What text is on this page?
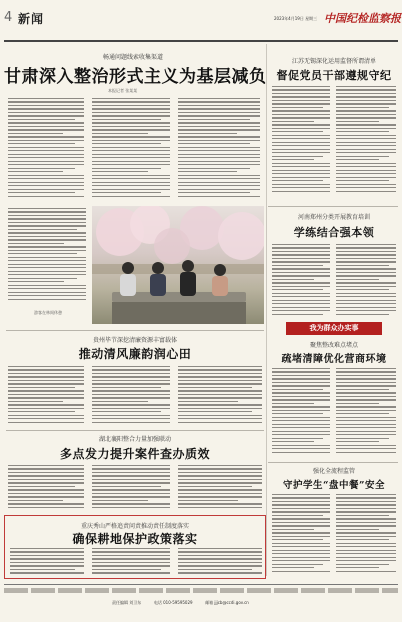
4 新闻	2023年4月19日 星期三 中国纪检监察报
畅通问题线索收集渠道
甘肃深入整治形式主义为基层减负
本报记者 张某某
江苏无锡深化运用监督所谓清单
督促党员干部遵规守纪
游客在林间休憩
河南郑州分类开展教育培训
学练结合强本领
我为群众办实事
聚焦整改难点堵点
疏堵清障优化营商环境
贵州毕节深挖清廉资源丰富载体
推动清风廉韵润心田
湖北襄阳整合力量加强联动
多点发力提升案件查办质效
强化全流程监管
守护学生“盘中餐”安全
重庆秀山严格追责问责推动责任制度落实
确保耕地保护政策落实
责任编辑 刘卫东	电话 010-59595029	邮箱 jjjcb@ccdi.gov.cn
